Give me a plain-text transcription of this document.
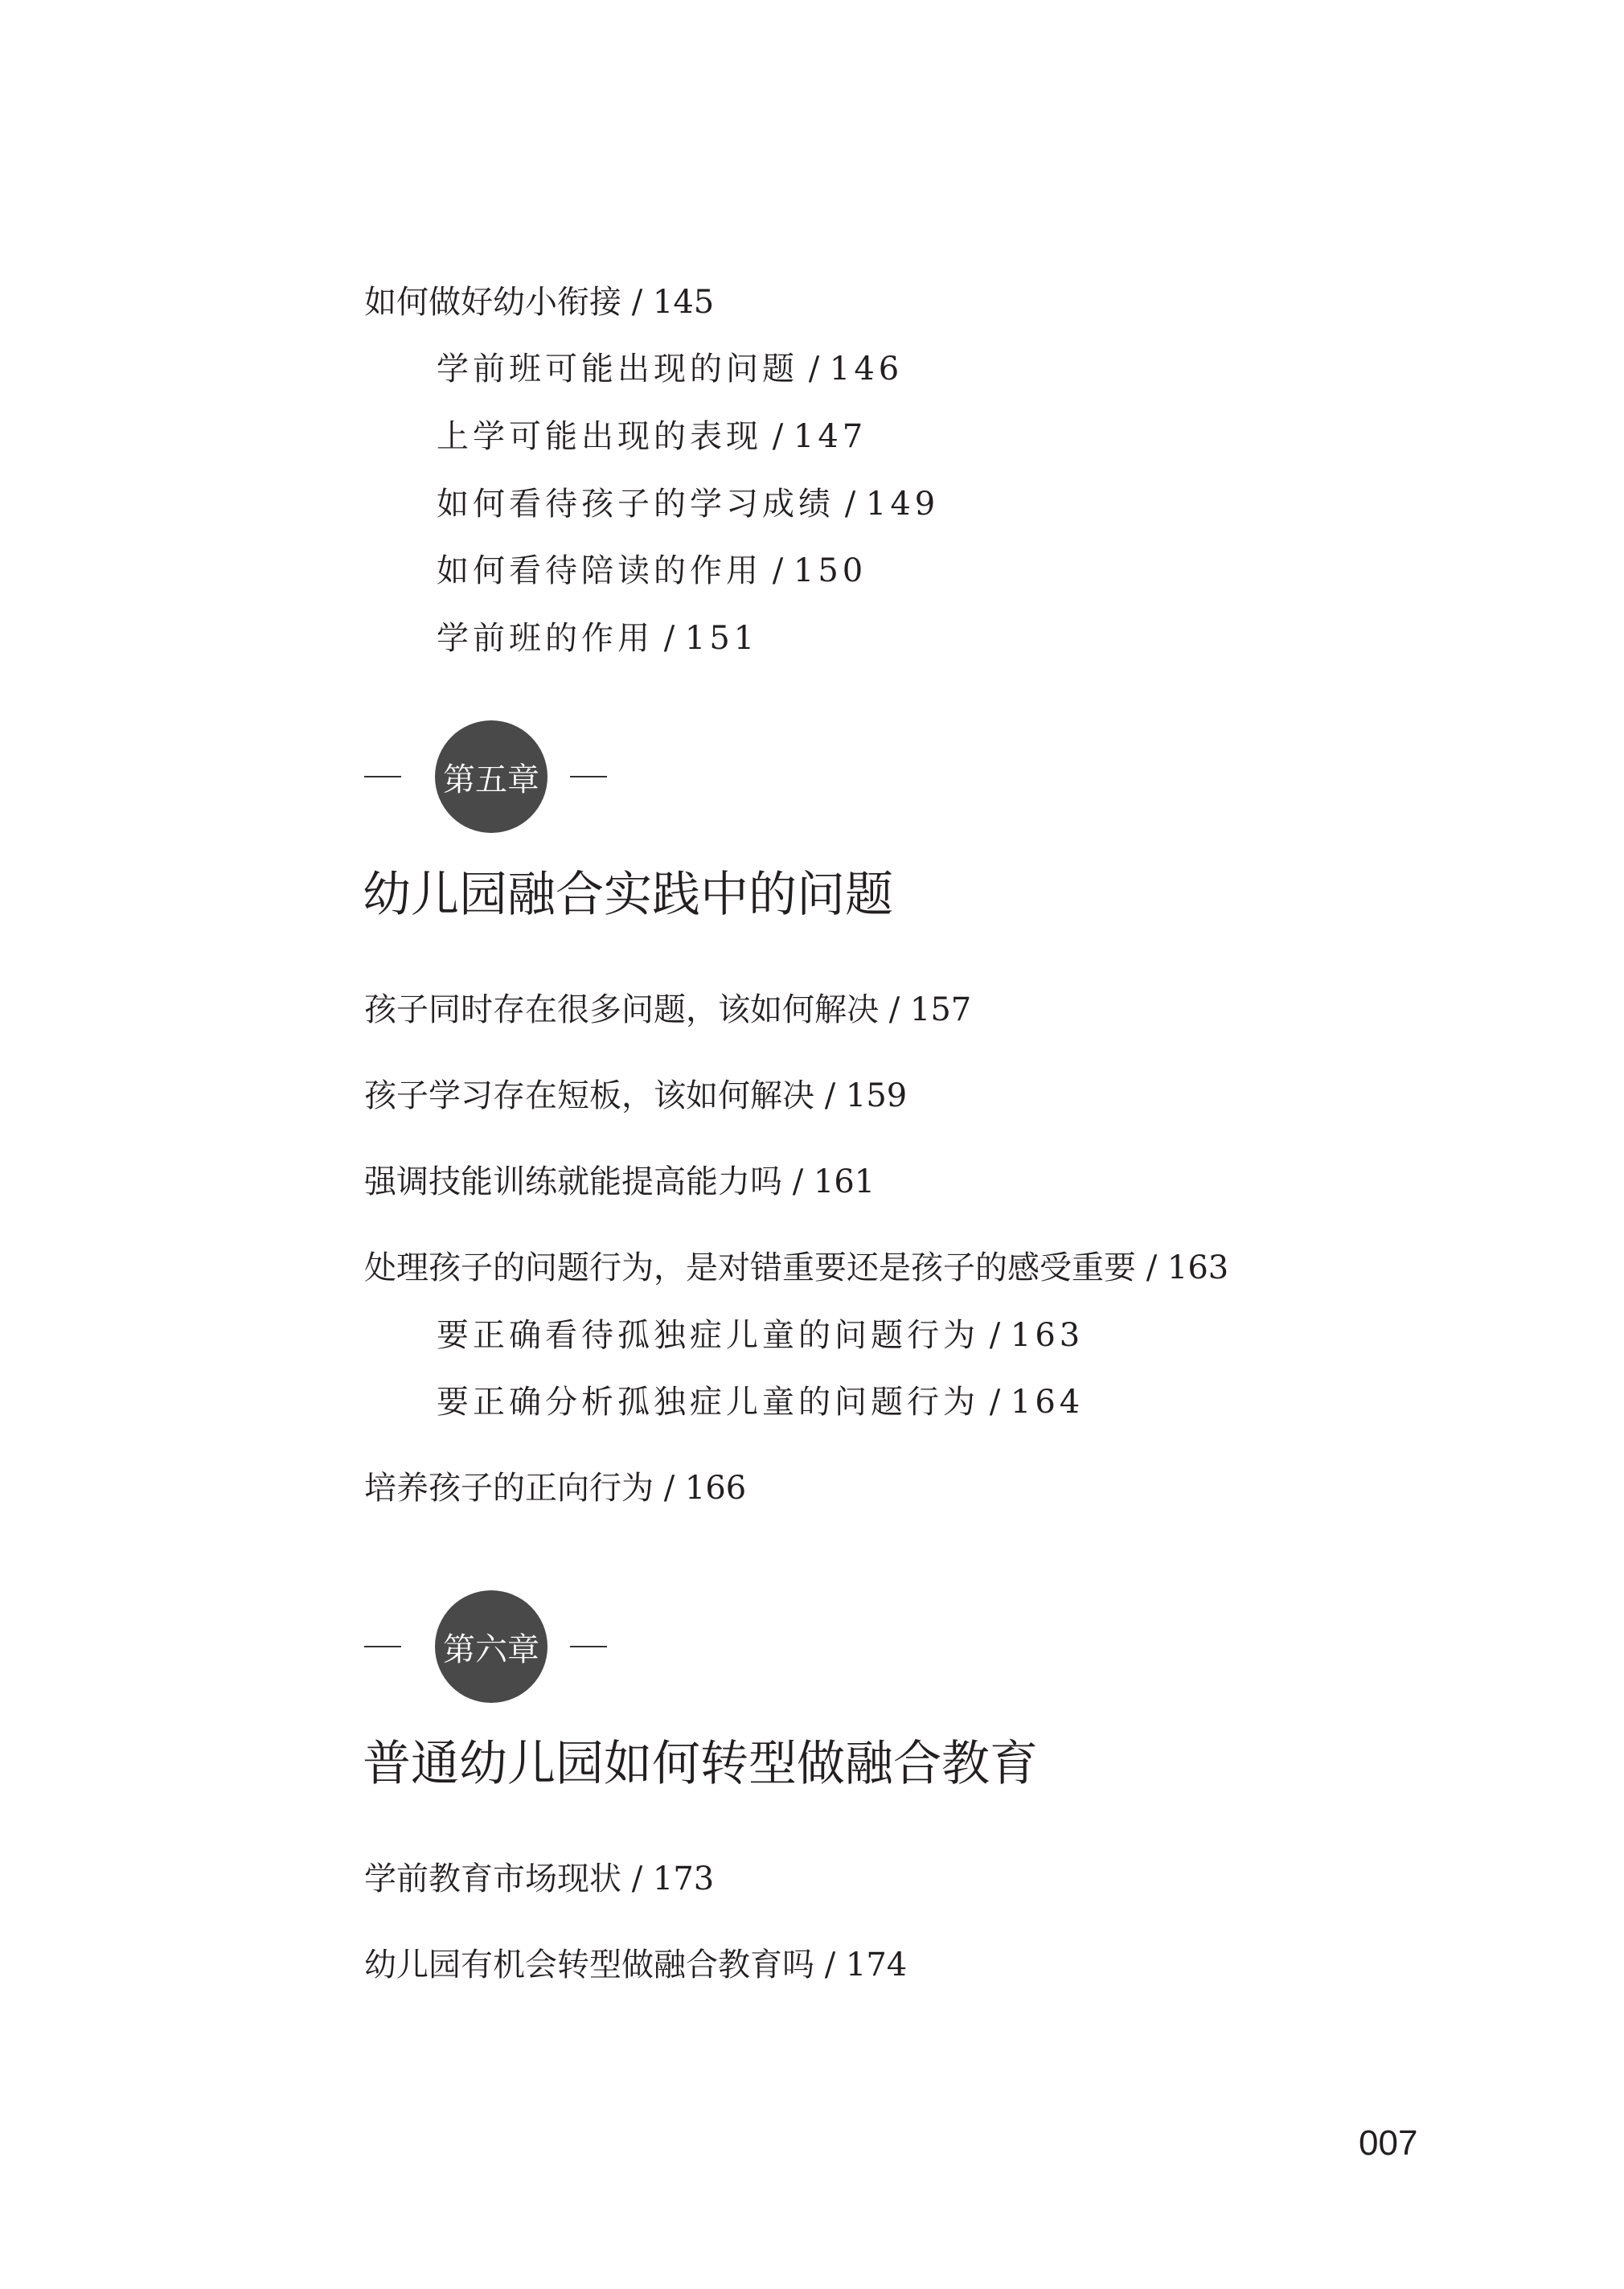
如何做好幼小衔接 / 145
学前班可能出现的问题 / 146
上学可能出现的表现 / 147
如何看待孩子的学习成绩 / 149
如何看待陪读的作用 / 150
学前班的作用 / 151
第五章
幼儿园融合实践中的问题
孩子同时存在很多问题，该如何解决 / 157
孩子学习存在短板，该如何解决 / 159
强调技能训练就能提高能力吗 / 161
处理孩子的问题行为，是对错重要还是孩子的感受重要 / 163
要正确看待孤独症儿童的问题行为 / 163
要正确分析孤独症儿童的问题行为 / 164
培养孩子的正向行为 / 166
第六章
普通幼儿园如何转型做融合教育
学前教育市场现状 / 173
幼儿园有机会转型做融合教育吗 / 174
007
